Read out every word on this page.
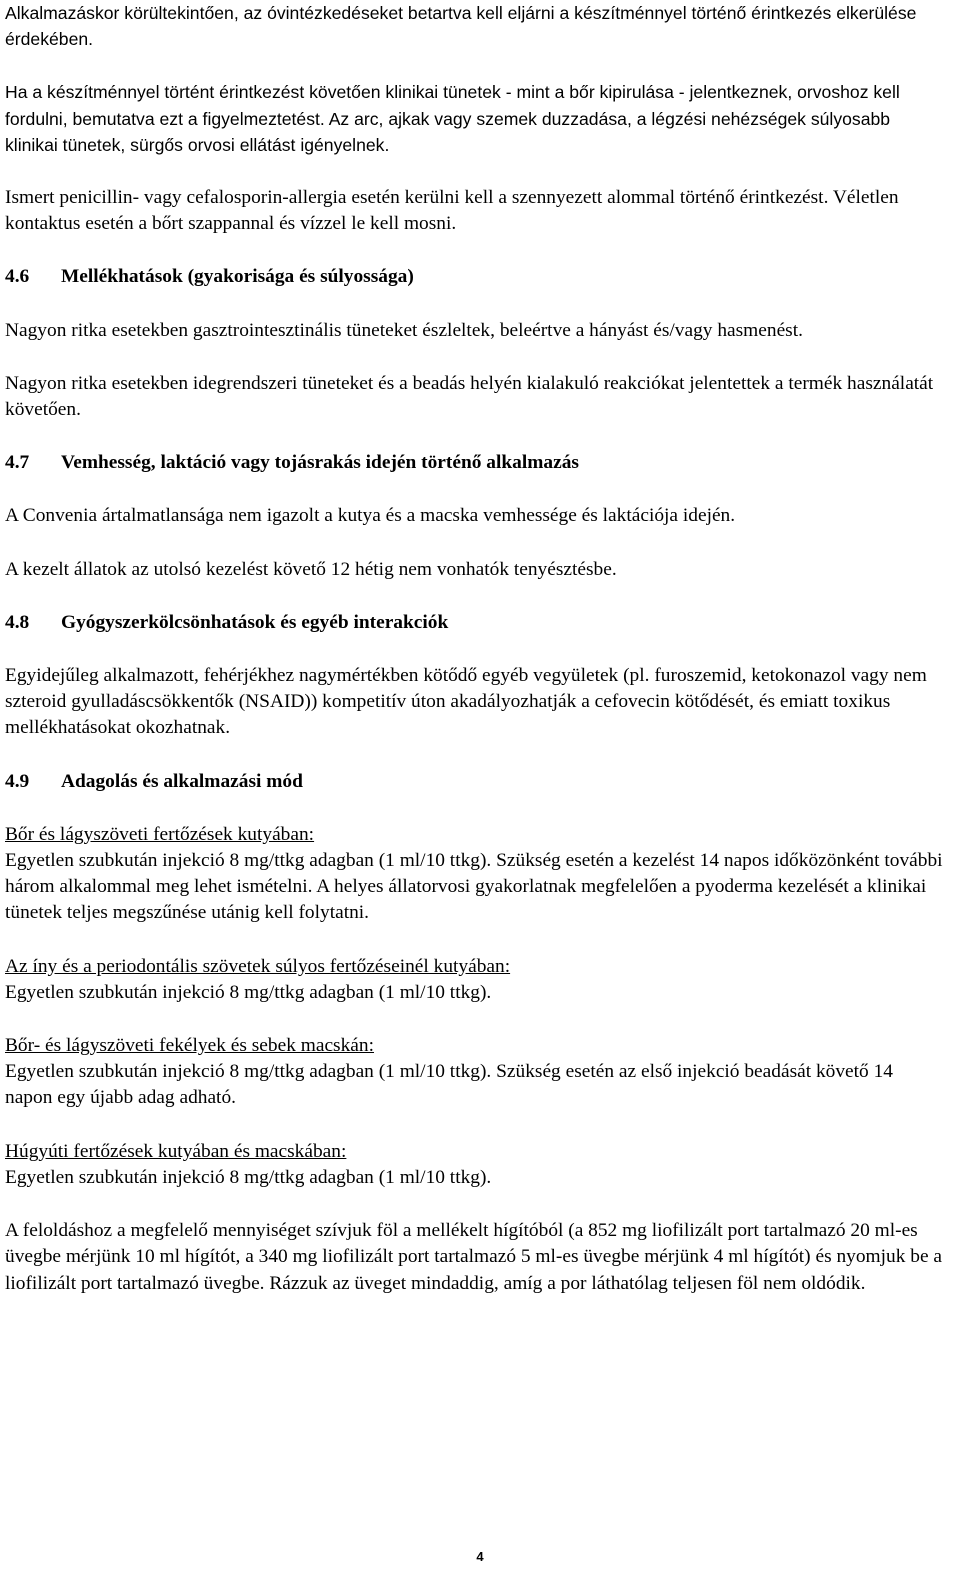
Alkalmazáskor körültekintően, az óvintézkedéseket betartva kell eljárni a készítménnyel történő érintkezés elkerülése érdekében.

Ha a készítménnyel történt érintkezést követően klinikai tünetek - mint a bőr kipirulása - jelentkeznek, orvoshoz kell fordulni, bemutatva ezt a figyelmeztetést. Az arc, ajkak vagy szemek duzzadása, a légzési nehézségek súlyosabb klinikai tünetek, sürgős orvosi ellátást igényelnek.

Ismert penicillin- vagy cefalosporin-allergia esetén kerülni kell a szennyezett alommal történő érintkezést. Véletlen kontaktus esetén a bőrt szappannal és vízzel le kell mosni.

4.6 Mellékhatások (gyakorisága és súlyossága)

Nagyon ritka esetekben gasztrointesztinális tüneteket észleltek, beleértve a hányást és/vagy hasmenést.

Nagyon ritka esetekben idegrendszeri tüneteket és a beadás helyén kialakuló reakciókat jelentettek a termék használatát követően.

4.7 Vemhesség, laktáció vagy tojásrakás idején történő alkalmazás

A Convenia ártalmatlansága nem igazolt a kutya és a macska vemhessége és laktációja idején.

A kezelt állatok az utolsó kezelést követő 12 hétig nem vonhatók tenyésztésbe.

4.8 Gyógyszerkölcsönhatások és egyéb interakciók

Egyidejűleg alkalmazott, fehérjékhez nagymértékben kötődő egyéb vegyületek (pl. furoszemid, ketokonazol vagy nem szteroid gyulladáscsökkentők (NSAID)) kompetitív úton akadályozhatják a cefovecin kötődését, és emiatt toxikus mellékhatásokat okozhatnak.

4.9 Adagolás és alkalmazási mód

Bőr és lágyszöveti fertőzések kutyában:

Egyetlen szubkután injekció 8 mg/ttkg adagban (1 ml/10 ttkg). Szükség esetén a kezelést 14 napos időközönként további három alkalommal meg lehet ismételni. A helyes állatorvosi gyakorlatnak megfelelően a pyoderma kezelését a klinikai tünetek teljes megszűnése utánig kell folytatni.

Az íny és a periodontális szövetek súlyos fertőzéseinél kutyában:

Egyetlen szubkután injekció 8 mg/ttkg adagban (1 ml/10 ttkg).

Bőr- és lágyszöveti fekélyek és sebek macskán:

Egyetlen szubkután injekció 8 mg/ttkg adagban (1 ml/10 ttkg). Szükség esetén az első injekció beadását követő 14 napon egy újabb adag adható.

Húgyúti fertőzések kutyában és macskában:

Egyetlen szubkután injekció 8 mg/ttkg adagban (1 ml/10 ttkg).

A feloldáshoz a megfelelő mennyiséget szívjuk föl a mellékelt hígítóból (a 852 mg liofilizált port tartalmazó 20 ml-es üvegbe mérjünk 10 ml hígítót, a 340 mg liofilizált port tartalmazó 5 ml-es üvegbe mérjünk 4 ml hígítót) és nyomjuk be a liofilizált port tartalmazó üvegbe. Rázzuk az üveget mindaddig, amíg a por láthatólag teljesen föl nem oldódik.

4
